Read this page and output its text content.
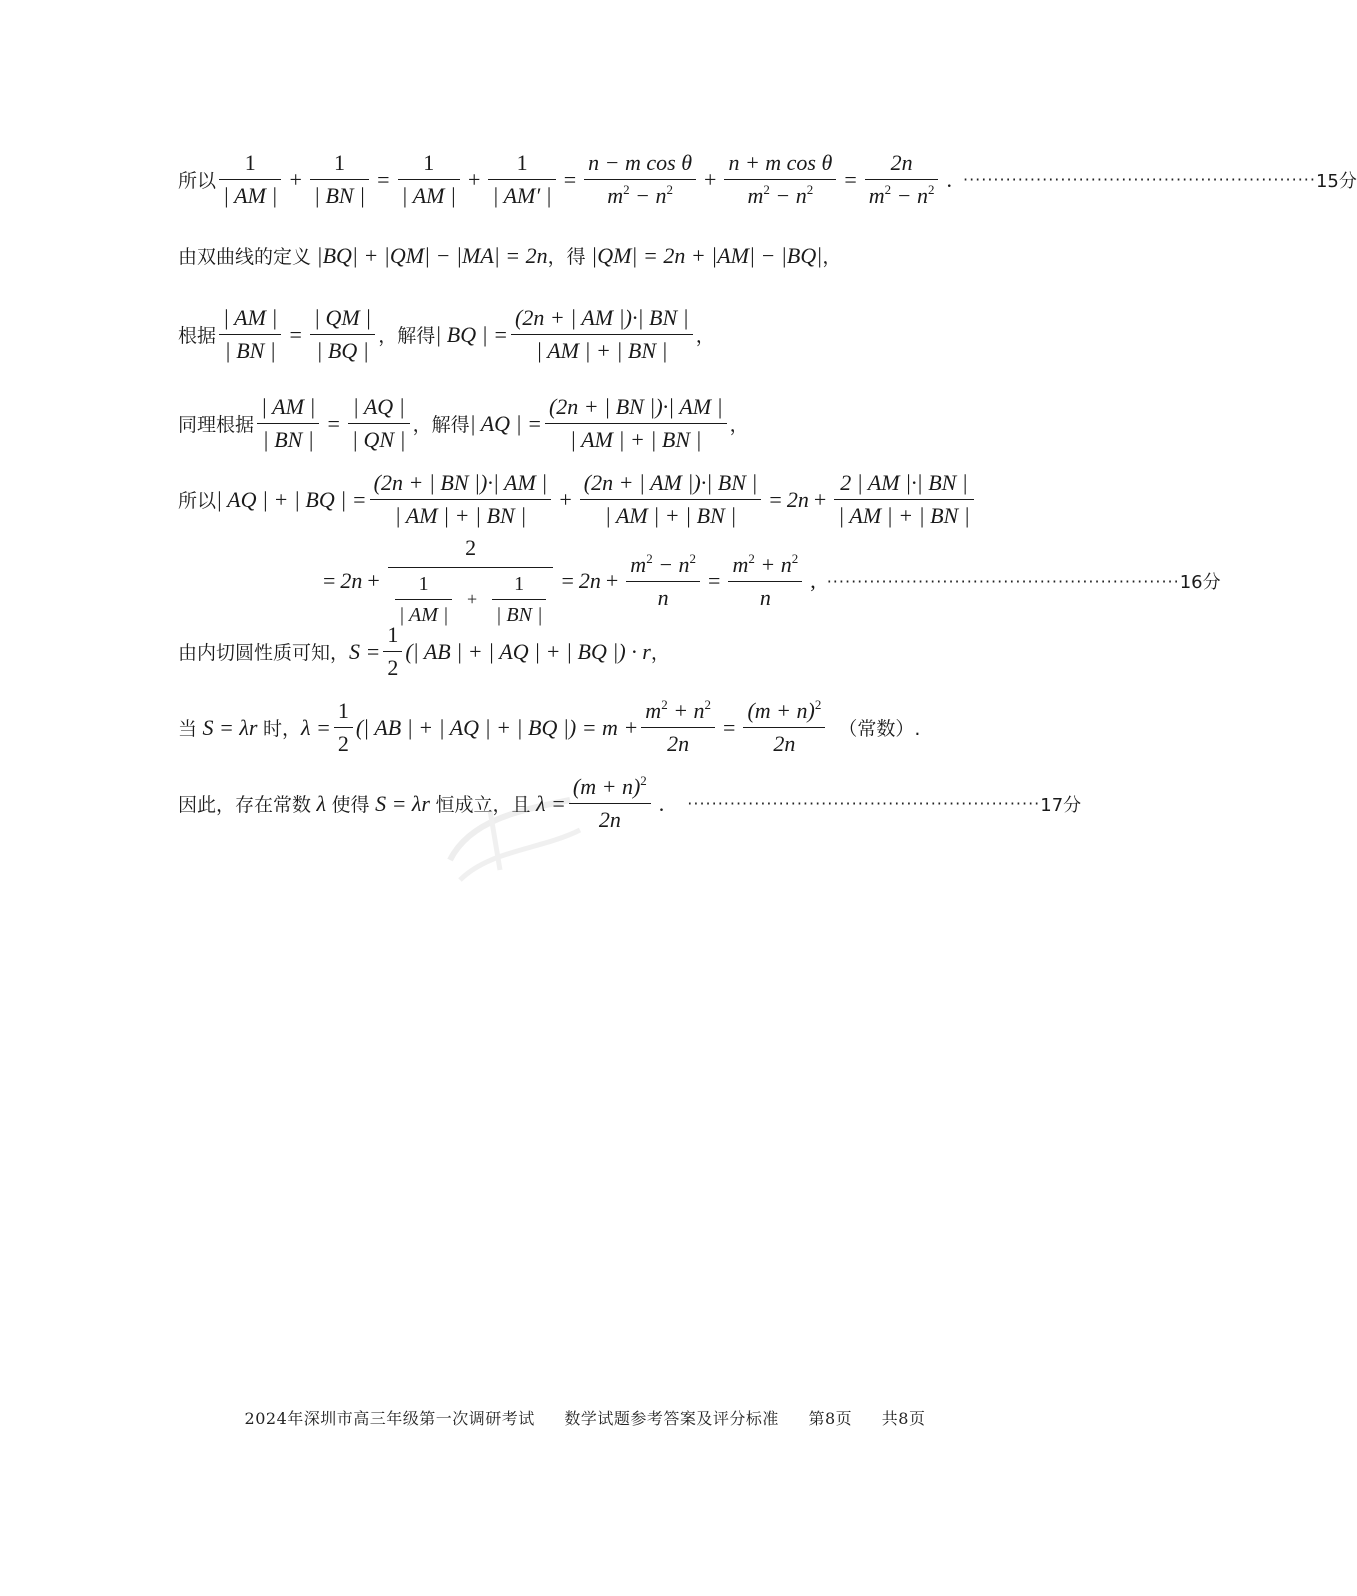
所以 $\frac{1}{| AM |} + \frac{1}{| BN |} = \frac{1}{| AM |} + \frac{1}{| AM' |} = \frac{\text{n − m cos θ}}{m^2 - n^2} + \frac{\text{n + m cos θ}}{m^2 - n^2} = \frac{2n}{m^2 - n^2}$ . ·························································· 15分
由双曲线的定义 |BQ| + |QM| − |MA| = 2n ，得 |QM| = 2n + |AM| − |BQ| ，
根据 $\frac{| AM |}{| BN |} = \frac{| QM |}{| BQ |}$ ，解得 | BQ | = $\frac{(2n + | AM |)\cdot| BN |}{| AM | + | BN |}$ ，
同理根据 $\frac{| AM |}{| BN |} = \frac{| AQ |}{| QN |}$ ，解得 | AQ | = $\frac{(2n + | BN |)\cdot| AM |}{| AM | + | BN |}$ ，
所以 | AQ | + | BQ | = $\frac{(2n + | BN |)\cdot| AM |}{| AM | + | BN |} + \frac{(2n + | AM |)\cdot| BN |}{| AM | + | BN |} = 2n + \frac{2 | AM |\cdot| BN |}{| AM | + | BN |}$
= $2n + \frac{2}{\frac{1}{| AM |} + \frac{1}{| BN |}} = 2n + \frac{m^2 - n^2}{n} = \frac{m^2 + n^2}{n}$ , ·························································· 16分
由内切圆性质可知， $S = \frac{1}{2}$ (| AB | + | AQ | + | BQ |) · r ，
当 S = λr 时， $\lambda = \frac{1}{2}$ (| AB | + | AQ | + | BQ |) = $m + \frac{m^2 + n^2}{2n} = \frac{(m + n)^2}{2n}$ （常数）.
因此，存在常数 λ 使得 S = λr 恒成立，且 $\lambda = \frac{(m + n)^2}{2n}$ .	·························································· 17分
2024年深圳市高三年级第一次调研考试 数学试题参考答案及评分标准 第8页 共8页
